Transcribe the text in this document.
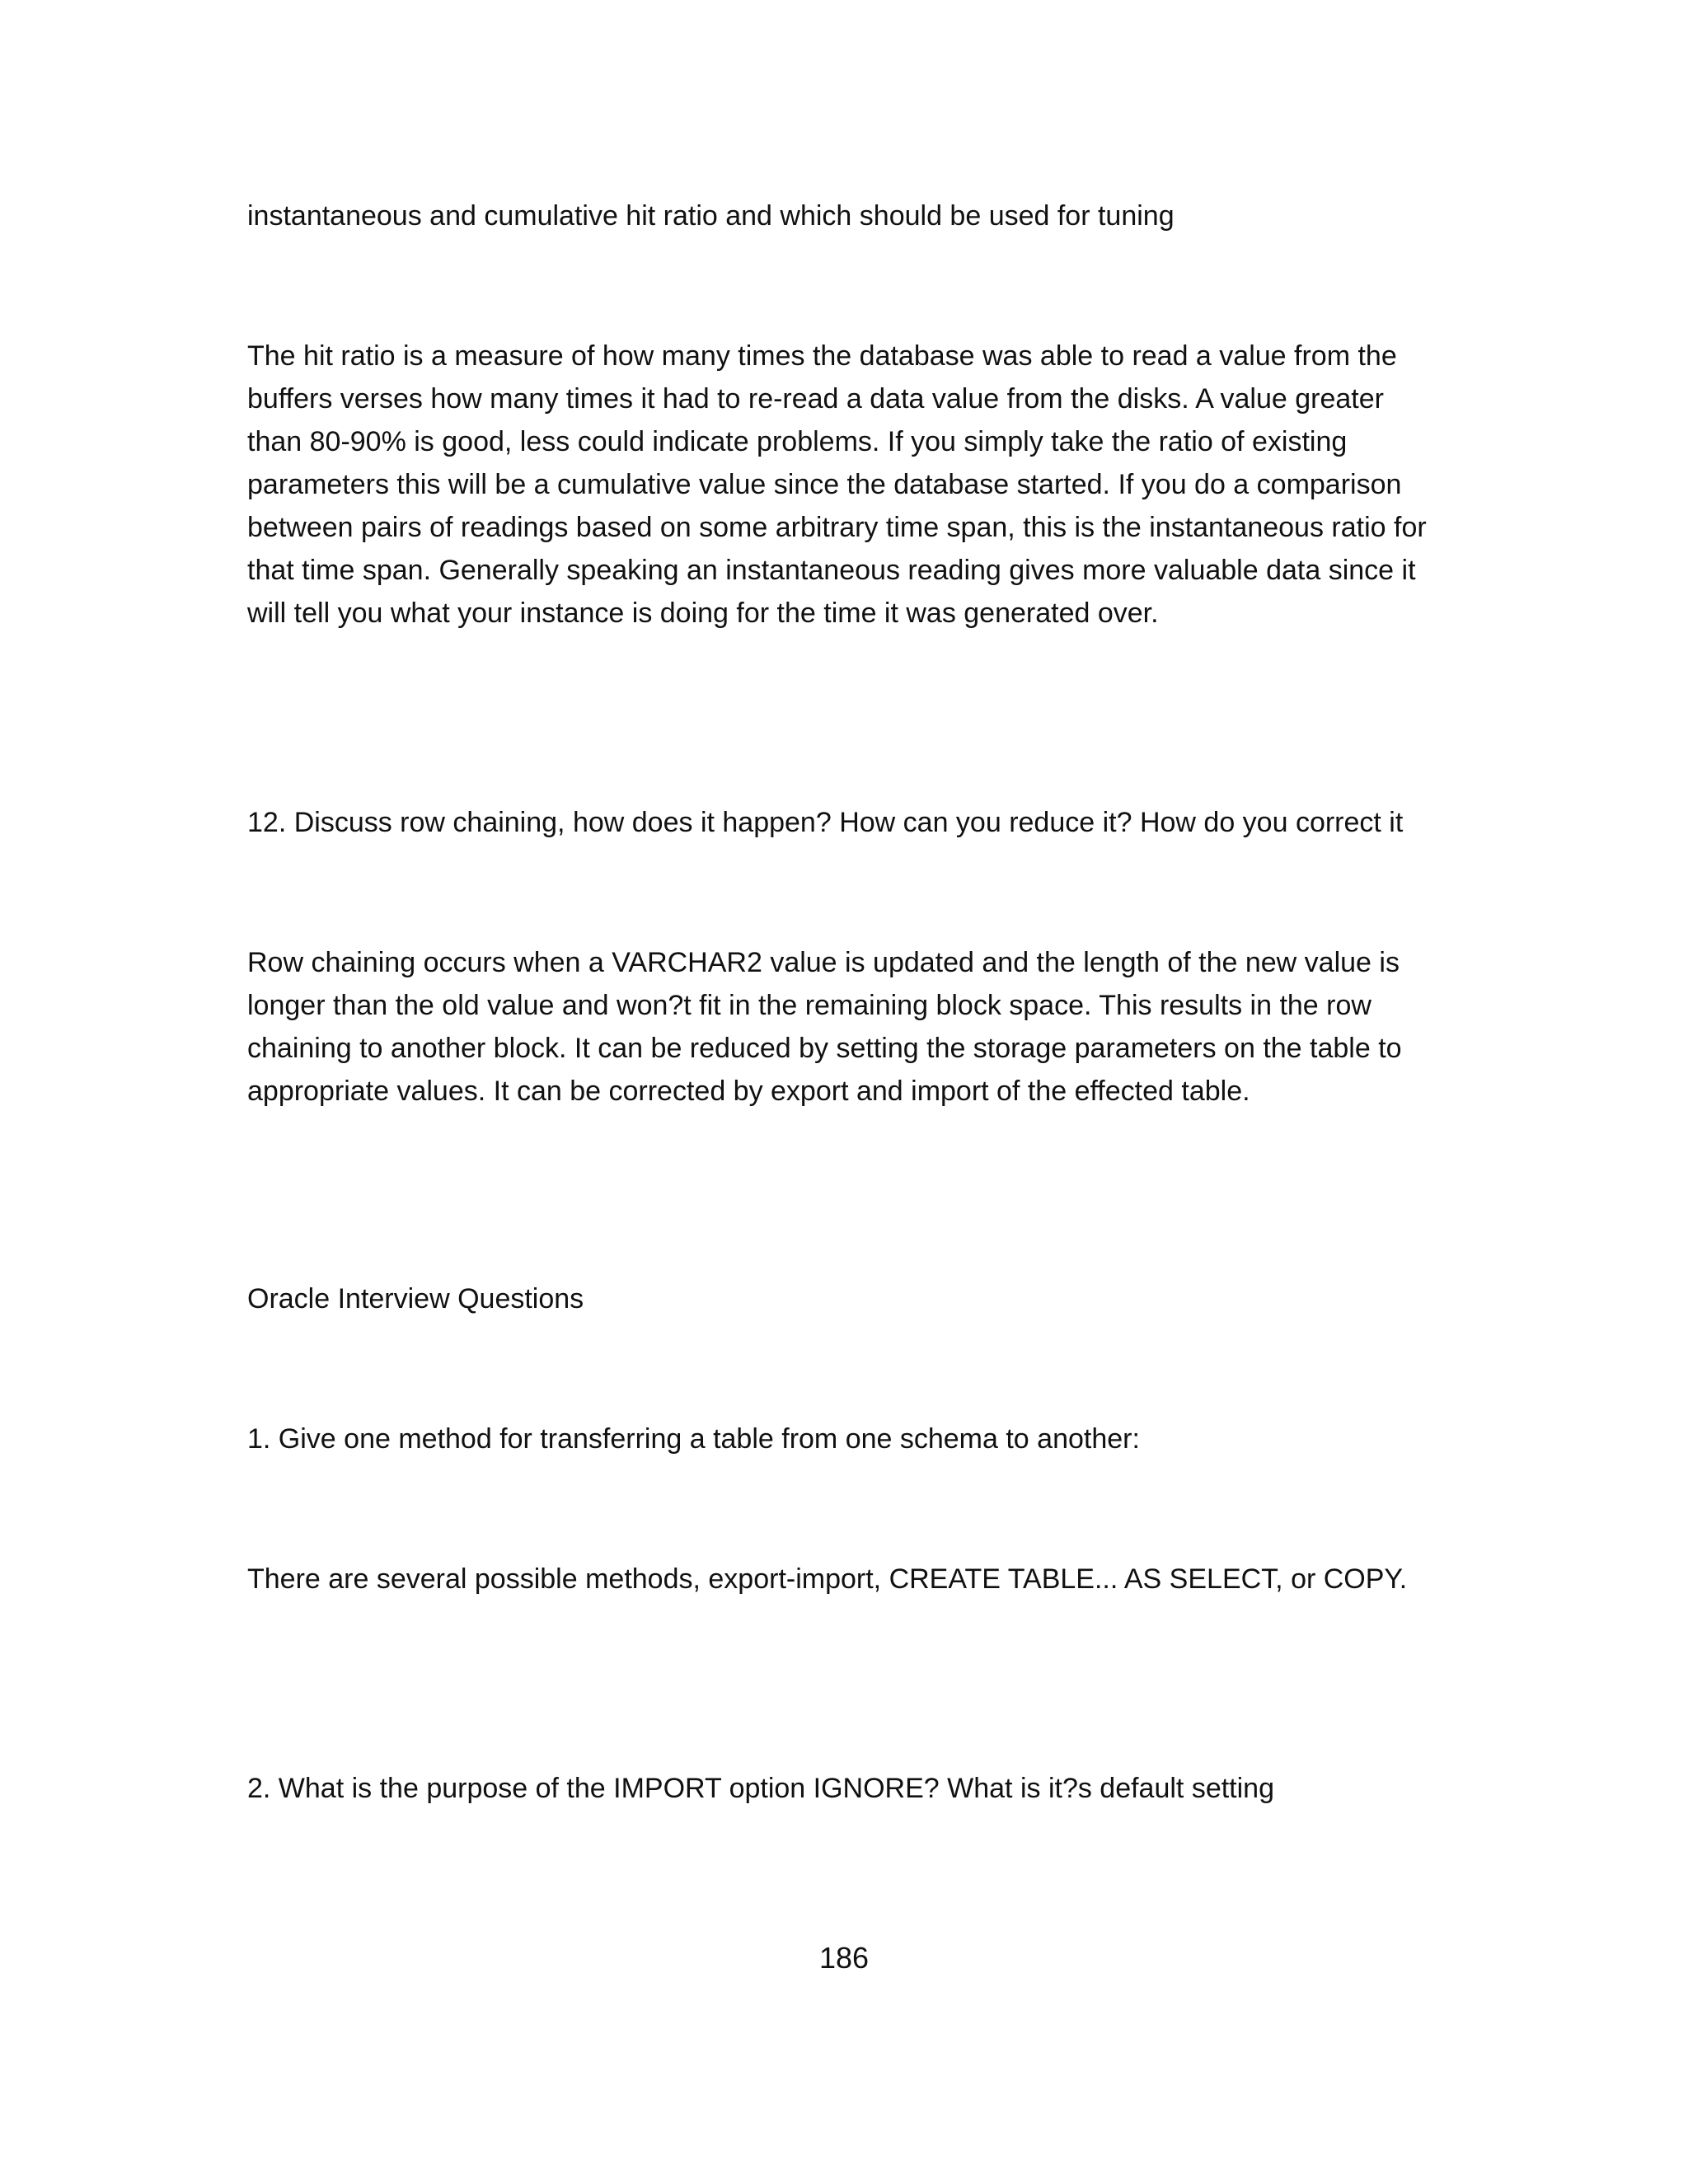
instantaneous and cumulative hit ratio and which should be used for tuning

The hit ratio is a measure of how many times the database was able to read a value from the
buffers verses how many times it had to re-read a data value from the disks. A value greater
than 80-90% is good, less could indicate problems. If you simply take the ratio of existing
parameters this will be a cumulative value since the database started. If you do a comparison
between pairs of readings based on some arbitrary time span, this is the instantaneous ratio for
that time span. Generally speaking an instantaneous reading gives more valuable data since it
will tell you what your instance is doing for the time it was generated over.

12. Discuss row chaining, how does it happen? How can you reduce it? How do you correct it

Row chaining occurs when a VARCHAR2 value is updated and the length of the new value is
longer than the old value and won?t fit in the remaining block space. This results in the row
chaining to another block. It can be reduced by setting the storage parameters on the table to
appropriate values. It can be corrected by export and import of the effected table.

Oracle Interview Questions

1. Give one method for transferring a table from one schema to another:

There are several possible methods, export-import, CREATE TABLE... AS SELECT, or COPY.

2. What is the purpose of the IMPORT option IGNORE? What is it?s default setting

186
